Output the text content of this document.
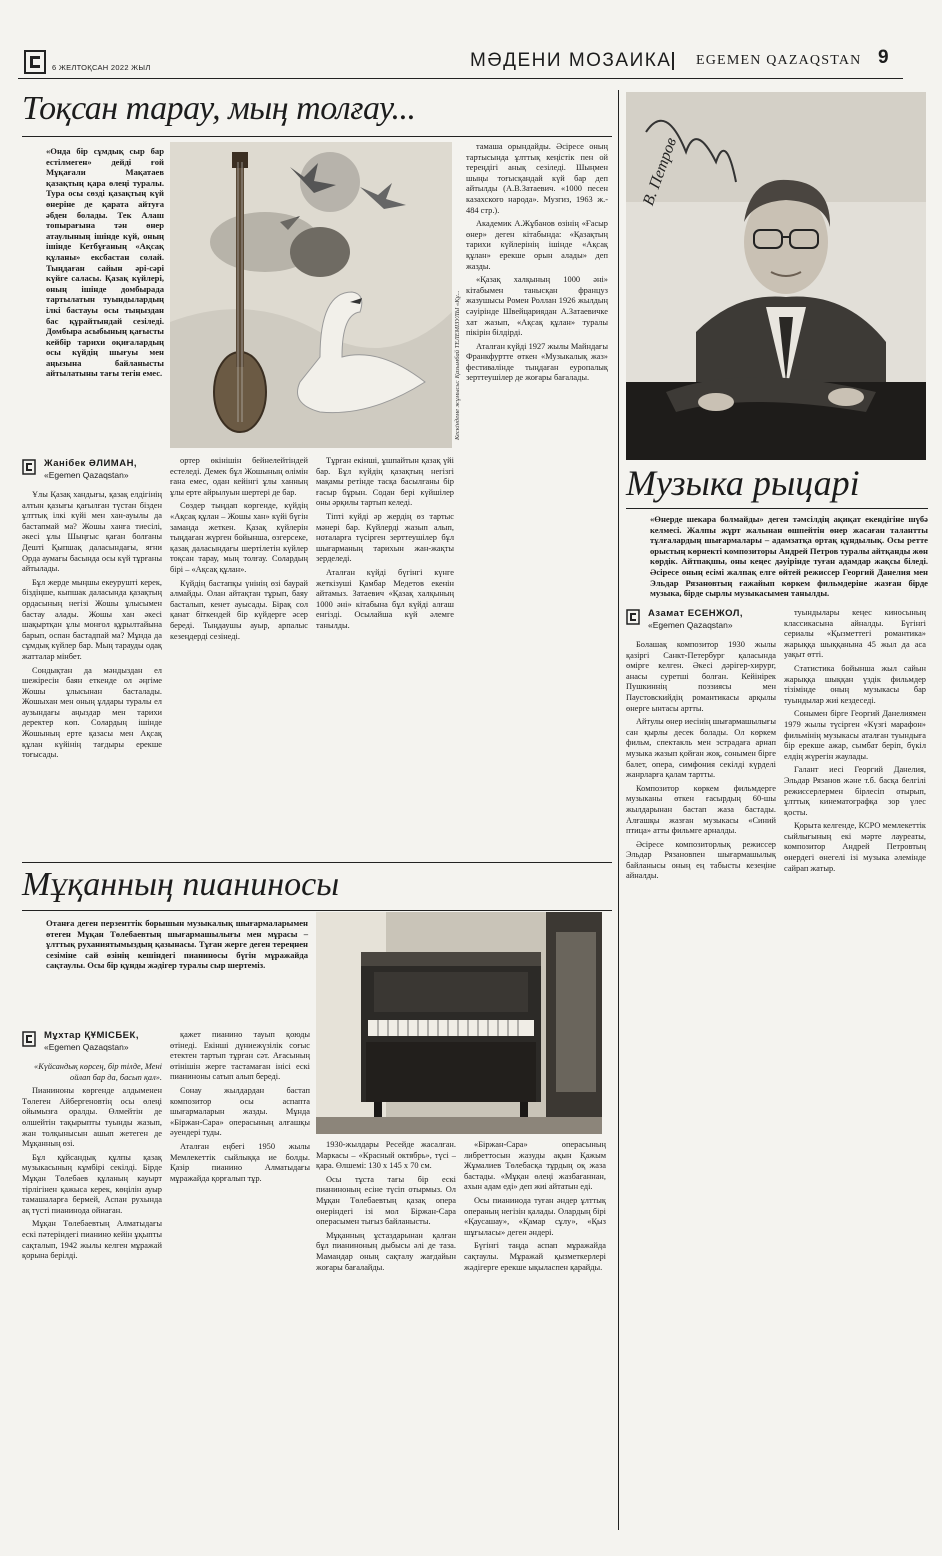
6 ЖЕЛТОҚСАН 2022 ЖЫЛ	МӘДЕНИ МОЗАИКА EGEMEN QAZAQSTAN 9
Тоқсан тарау, мың толғау...
«Онда бір сұмдық сыр бар естілмеген» дейді ғой Мұқағали Мақатаев қазақтың қара өлеңі туралы. Тура осы сөзді қазақтың күй өнеріне де қарата айтуға әбден болады. Тек Алаш топырағына тән өнер атаулының ішінде күй, оның ішінде Кетбұғаның «Ақсақ құланы» ексбастан солай. Тыңдаған сайын әрі-сәрі күйге саласы. Қазақ күйлері, оның ішінде домбырада тартылатын туындылардың ілкі бастауы осы тыңыздан бас құрайтындай сезіледі. Домбыра асыбының қағысты кейбір тарихи оқиғалардың осы күйдің шығуы мен аңызына байланысты айтылатыны тағы тегін емес.	Кескіндеме жұмысы: Қазымбай ТЕЛЕМІЗУЛЫ «Құ...
Жанібек ӘЛИМАН,
«Egemen Qazaqstan»

Ұлы Қазақ хандығы, қазақ елдігінің алтын қазығы қағылған түстан бізден ұлттық ілкі күйі мен хан-ауылы да бастапмай ма? Жошы ханға тиесілі, әкесі ұлы Шыңғыс қаған болғаны Дешті Қыпшақ даласындағы, яғни Орда аумағы басында осы күй тұрғаны айтылады.

Бұл жерде мыңшы екеурушті керек, біздіңше, кыпшак даласында қазақтың ордасының негізі Жошы ұлысымен бастау алады. Жошы хан әкесі шақыртқан ұлы монғол құрылтайына барып, оспан бастадпай ма? Мұнда да сұмдық күйлер бар. Мың тарауды одақ жатталар мінбет.

Сондықтан да мәндыздан ел шежіресін баян еткенде ол әңгіме Жошы ұлысынан басталады. Жошыхан мен оның ұлдары туралы ел аузындағы аңыздар мен тарихи деректер көп. Солардың ішінде Жошының ерте қазасы мен Ақсақ құлан күйінің тағдыры ерекше тоғысады.

ортер өкінішін бейнелейтіндей естеледі. Демек бұл Жошының өлімін ғана емес, одан кейінгі ұлы ханның ұлы ерте айрылуын шертері де бар.

Сөздер тыңдап көргенде, күйдің «Ақсақ құлан – Жошы хан» күйі бүгін заманда жеткен. Қазақ күйлерін тыңдаған жүрген бойынша, өзгерсеке, қазақ даласындағы шертілетін күйлер тоқсан тарау, мың толғау. Солардың бірі – «Ақсақ құлан».

Күйдің бастапқы үнінің өзі баурай алмайды. Олан айтақтан тұрып, баяу басталып, кенет ауысады. Бірақ сол қанат біткендей бір күйдерге әсер береді. Тыңдаушы ауыр, арпалыс кезеңдерді сезінеді.

Тұрған екінші, ұшпайтын қазақ үйі бар. Бұл күйдің қазақтың негізгі мақамы ретінде тасқа басылғаны бір ғасыр бұрын. Содан бері күйшілер оны әрқилы тартып келеді.

Тіпті күйді әр жердің өз тартыс мәнері бар. Күйлерді жазып алып, ноталарға түсірген зерттеушілер бұл шығарманың тарихын жан-жақты зерделеді.

Аталған күйді бүгінгі күнге жеткізуші Қамбар Медетов екенін айтамыз. Затаевич «Қазақ халқының 1000 әні» кітабына бұл күйді алғаш енгізді. Осылайша күй әлемге танылды.

тамаша орындайды. Әсіресе оның тартысында ұлттық кеңістік пен ой тереңдігі анық сезіледі. Шыңмен шыңы тоғысқандай күй бар деп айтылды (А.В.Затаевич. «1000 песен казахского народа». Музгиз, 1963 ж.- 484 стр.).

Академик А.Жұбанов өзінің «Ғасыр өнер» деген кітабында: «Қазақтың тарихи күйлерінің ішінде «Ақсақ құлан» ерекше орын алады» деп жазды.

«Қазақ халқының 1000 әні» кітабымен танысқан француз жазушысы Ромен Роллан 1926 жылдың сәуірінде Швейцариядан А.Затаевичке хат жазып, «Ақсақ құлан» туралы пікірін білдірді.

Аталған күйді 1927 жылы Майндағы Франкфуртте өткен «Музыкалық жаз» фестивалінде тыңдаған еуропалық зерттеушілер де жоғары бағалады.

Мұқанның пианиносы
Отанға деген перзенттік борышын музыкалық шығармаларымен өтеген Мұқан Төлебаевтың шығармашылығы мен мұрасы – ұлттық руханиятымыздың қазынасы. Тұған жерге деген тереңнен сезіміне сай өзінің кешіндегі пианиносы бүгін мұражайда сақтаулы. Осы бір құнды жәдігер туралы сыр шертеміз.
Мұхтар ҚҰМІСБЕК,
«Egemen Qazaqstan»

«Күйсандық көрсең, бір тілде, Мені ойлап бар да, басып қал».

Пианиноны көргенде алдыменен Төлеген Айбергеновтің осы өлеңі ойымызға оралды. Өлмейтін де өлшейтін тақырыпты туынды жазып, жан толқынысын ашып жетеген де Мұқанның өзі.

Бұл құйсандық құлпы қазақ музыкасының кұмбірі секілді. Бірде Мұқан Төлебаев құланың кауырт тірлігінен қажыса керек, көңілін ауыр тамашаларға бермей, Аспан рухында ақ түсті пианинода ойнаған.

Мұқан Төлебаевтың Алматыдағы ескі пәтеріндегі пианино кейін ұқыпты сақталып, 1942 жылы келген мұражай қорына берілді.

қажет пианино тауып қоюды өтінеді. Екінші дүниежүзілік соғыс етектен тартып тұрған сәт. Ағасының өтінішін жерге тастамаған інісі ескі пианиноны сатып алып береді.

Сонау жылдардан бастап композитор осы аспапта шығармаларын жазды. Мұнда «Біржан-Сара» операсының алғашқы әуендері туды.

Аталған еңбегі 1950 жылы Мемлекеттік сыйлыққа ие болды. Қазір пианино Алматыдағы мұражайда қорғалып тұр.

1930-жылдары Ресейде жасалған. Маркасы – «Красный октябрь», түсі – қара. Өлшемі: 130 х 145 х 70 см.

Осы тұста тағы бір ескі пианиноның есіне түсіп отырмыз. Ол Мұқан Төлебаевтың қазақ опера өнеріндегі ізі мол Біржан-Сара операсымен тығыз байланысты.

Мұқанның ұстаздарынан қалған бұл пианиноның дыбысы әлі де таза. Мамандар оның сақталу жағдайын жоғары бағалайды.

«Біржан-Сара» операсының либреттосын жазуды ақын Қажым Жұмалиев Төлебасқа тұрдың оқ жаза бастады. «Мұқан өлеңі жазбағаннан, ахын адам еді» деп жиі айтатын еді.

Осы пианинода туған әндер ұлттық операның негізін қалады. Олардың бірі «Қаусашау», «Қамар сұлу», «Қыз шұғыласы» деген әндері.

Бүгінгі таңда аспап мұражайда сақтаулы. Мұражай қызметкерлері жәдігерге ерекше ықыласпен қарайды.

В. Петров
Музыка рыцарі
«Өнерде шекара болмайды» деген тәмсілдің ақиқат екендігіне шүбә келмесі. Жалпы жұрт жалынан өшпейтін өнер жасаған талантты тұлғалардың шығармалары – адамзатқа ортақ құндылық. Осы ретте орыстың көрнекті композиторы Андрей Петров туралы айтқанды жөн көрдік. Айтпақшы, оны кеңес дәуірінде туған адамдар жақсы біледі. Әсіресе оның есімі жалпақ елге өйтей режиссер Георгий Данелия мен Эльдар Рязановтың ғажайып көркем фильмдеріне жазған бірде музыка, бірде сырлы музыкасымен танылды.
Азамат ЕСЕНЖОЛ,
«Egemen Qazaqstan»

Болашақ композитор 1930 жылы қазіргі Санкт-Петербург қаласында өмірге келген. Әкесі дәрігер-хирург, анасы суретші болған. Кейінірек Пушкиннің поэзиясы мен Паустовскийдің романтикасы арқылы өнерге ынтасы артты.

Айтулы өнер иесінің шығармашылығы сан қырлы десек болады. Ол көркем фильм, спектакль мен эстрадаға арнап музыка жазып қойған жоқ, сонымен бірге балет, опера, симфония секілді күрделі жанрларға қалам тартты.

Композитор көркем фильмдерге музыканы өткен ғасырдың 60-шы жылдарынан бастап жаза бастады. Алғашқы жазған музыкасы «Синий птица» атты фильмге арналды.

Әсіресе композиторлық режиссер Эльдар Рязановпен шығармашылық байланысы оның ең табысты кезеңіне айналды.

туындылары кеңес киносының классикасына айналды. Бүгінгі сериалы «Қызметтегі романтика» жарыққа шыққанына 45 жыл да аса уақыт өтті.

Статистика бойынша жыл сайын жарыққа шыққан үздік фильмдер тізімінде оның музыкасы бар туындылар жиі кездеседі.

Сонымен бірге Георгий Данелиямен 1979 жылы түсірген «Күзгі марафон» фильмінің музыкасы аталған туындыға бір ерекше ажар, сымбат беріп, бүкіл елдің жүрегін жаулады.

Галант иесі Георгий Данелия, Эльдар Рязанов және т.б. басқа белгілі режиссерлермен бірлесіп отырып, ұлттық кинематографқа зор үлес қосты.

Қорыта келгенде, КСРО мемлекеттік сыйлығының екі мәрте лауреаты, композитор Андрей Петровтың өнердегі өнегелі ізі музыка әлемінде сайрап жатыр.
